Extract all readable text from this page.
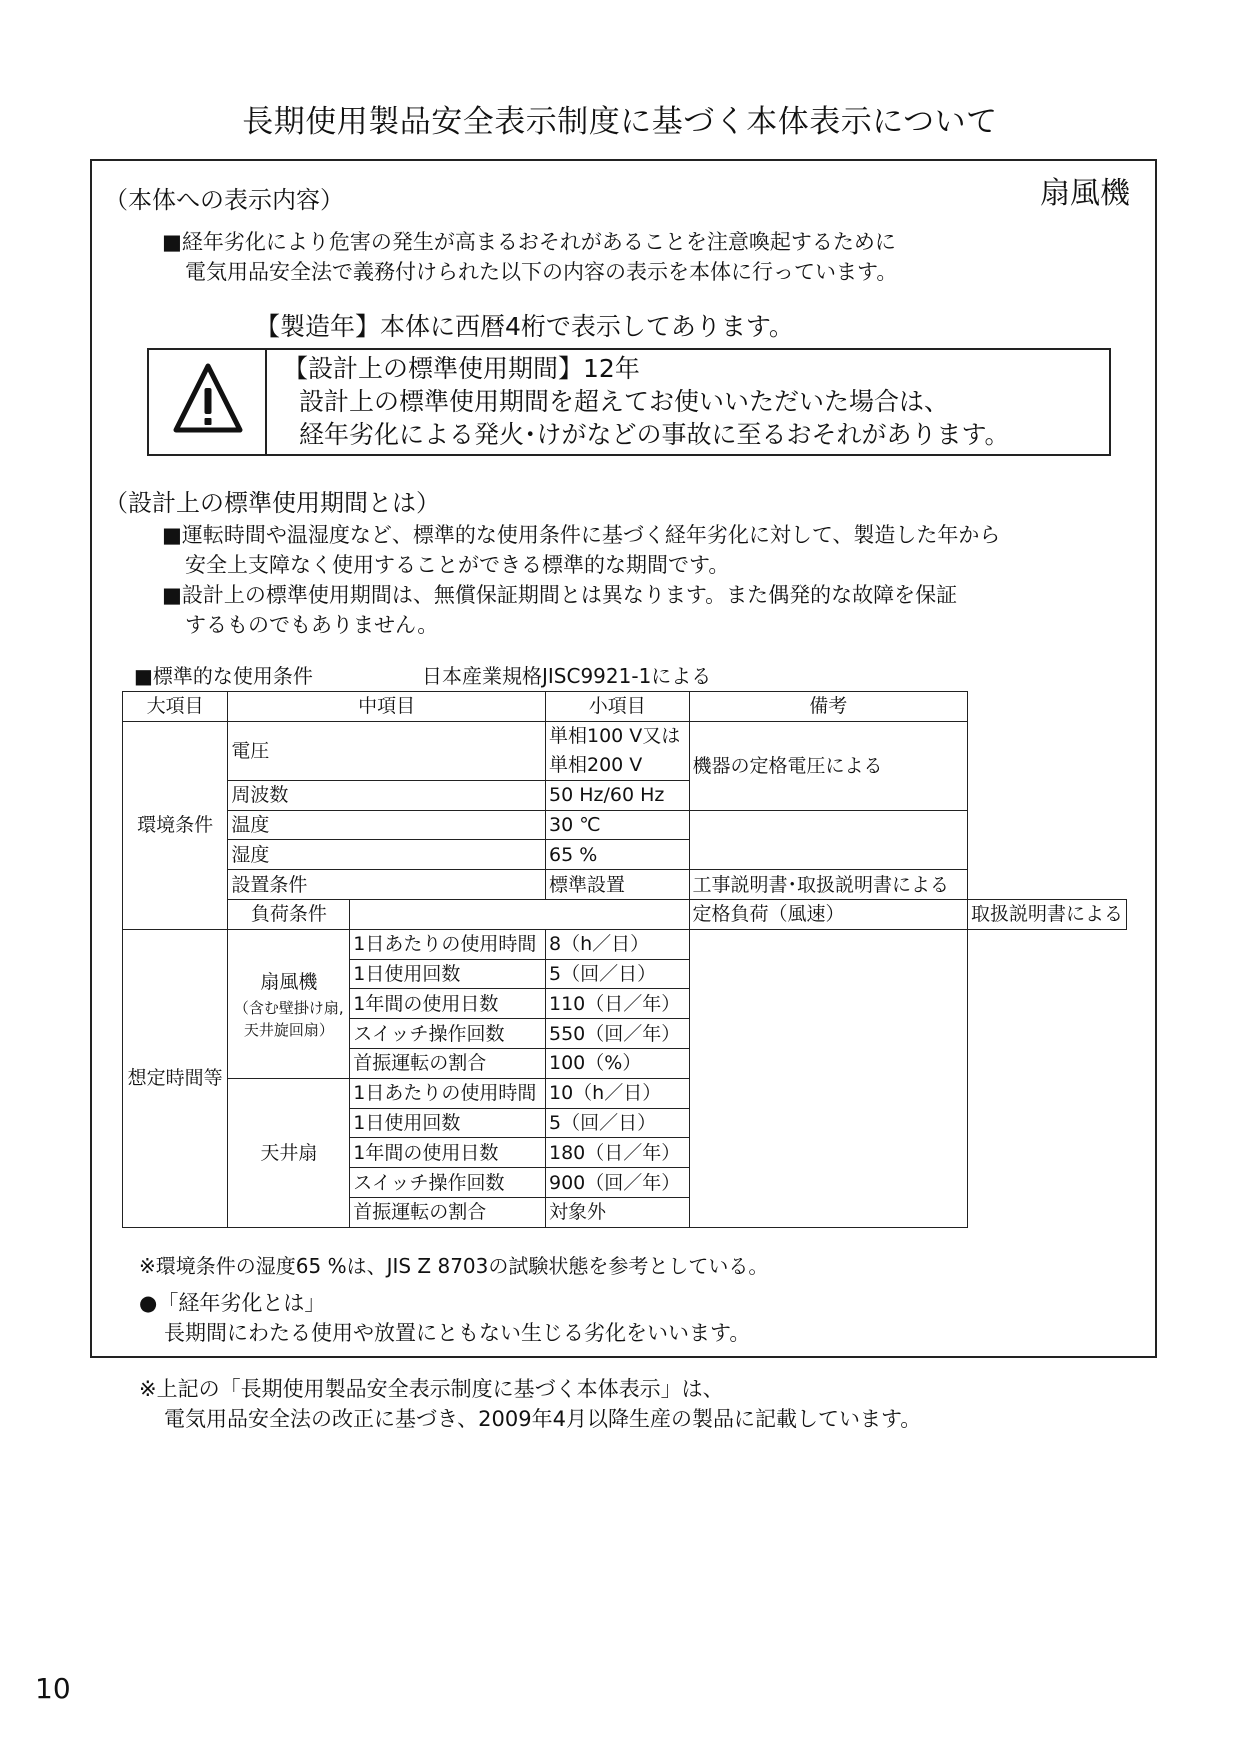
長期使用製品安全表示制度に基づく本体表示について
（本体への表示内容）	扇風機
■経年劣化により危害の発生が高まるおそれがあることを注意喚起するために
電気用品安全法で義務付けられた以下の内容の表示を本体に行っています。
【製造年】本体に西暦4桁で表示してあります。
【設計上の標準使用期間】12年
設計上の標準使用期間を超えてお使いいただいた場合は、
経年劣化による発火･けがなどの事故に至るおそれがあります。
（設計上の標準使用期間とは）
■運転時間や温湿度など、標準的な使用条件に基づく経年劣化に対して、製造した年から
安全上支障なく使用することができる標準的な期間です。
■設計上の標準使用期間は、無償保証期間とは異なります。また偶発的な故障を保証
するものでもありません。
■標準的な使用条件	日本産業規格JISC9921-1による
大項目	中項目		小項目	備考	
環境条件	電圧		単相100 V又は
単相200 V	機器の定格電圧による	
	周波数		50 Hz/60 Hz		
	温度		30 ℃		
	湿度		65 %		
	設置条件		標準設置	工事説明書･取扱説明書による	
	負荷条件			定格負荷（風速）	取扱説明書による
想定時間等	扇風機
（含む壁掛け扇,
天井旋回扇）	1日あたりの使用時間	8（h／日）		
		1日使用回数	5（回／日）		
		1年間の使用日数	110（日／年）		
		スイッチ操作回数	550（回／年）		
		首振運転の割合	100（%）		
	天井扇	1日あたりの使用時間	10（h／日）		
		1日使用回数	5（回／日）		
		1年間の使用日数	180（日／年）		
		スイッチ操作回数	900（回／年）		
		首振運転の割合	対象外		
※環境条件の湿度65 %は、JIS Z 8703の試験状態を参考としている。
●「経年劣化とは」
長期間にわたる使用や放置にともない生じる劣化をいいます。
※上記の「長期使用製品安全表示制度に基づく本体表示」は、
電気用品安全法の改正に基づき、2009年4月以降生産の製品に記載しています。
10
